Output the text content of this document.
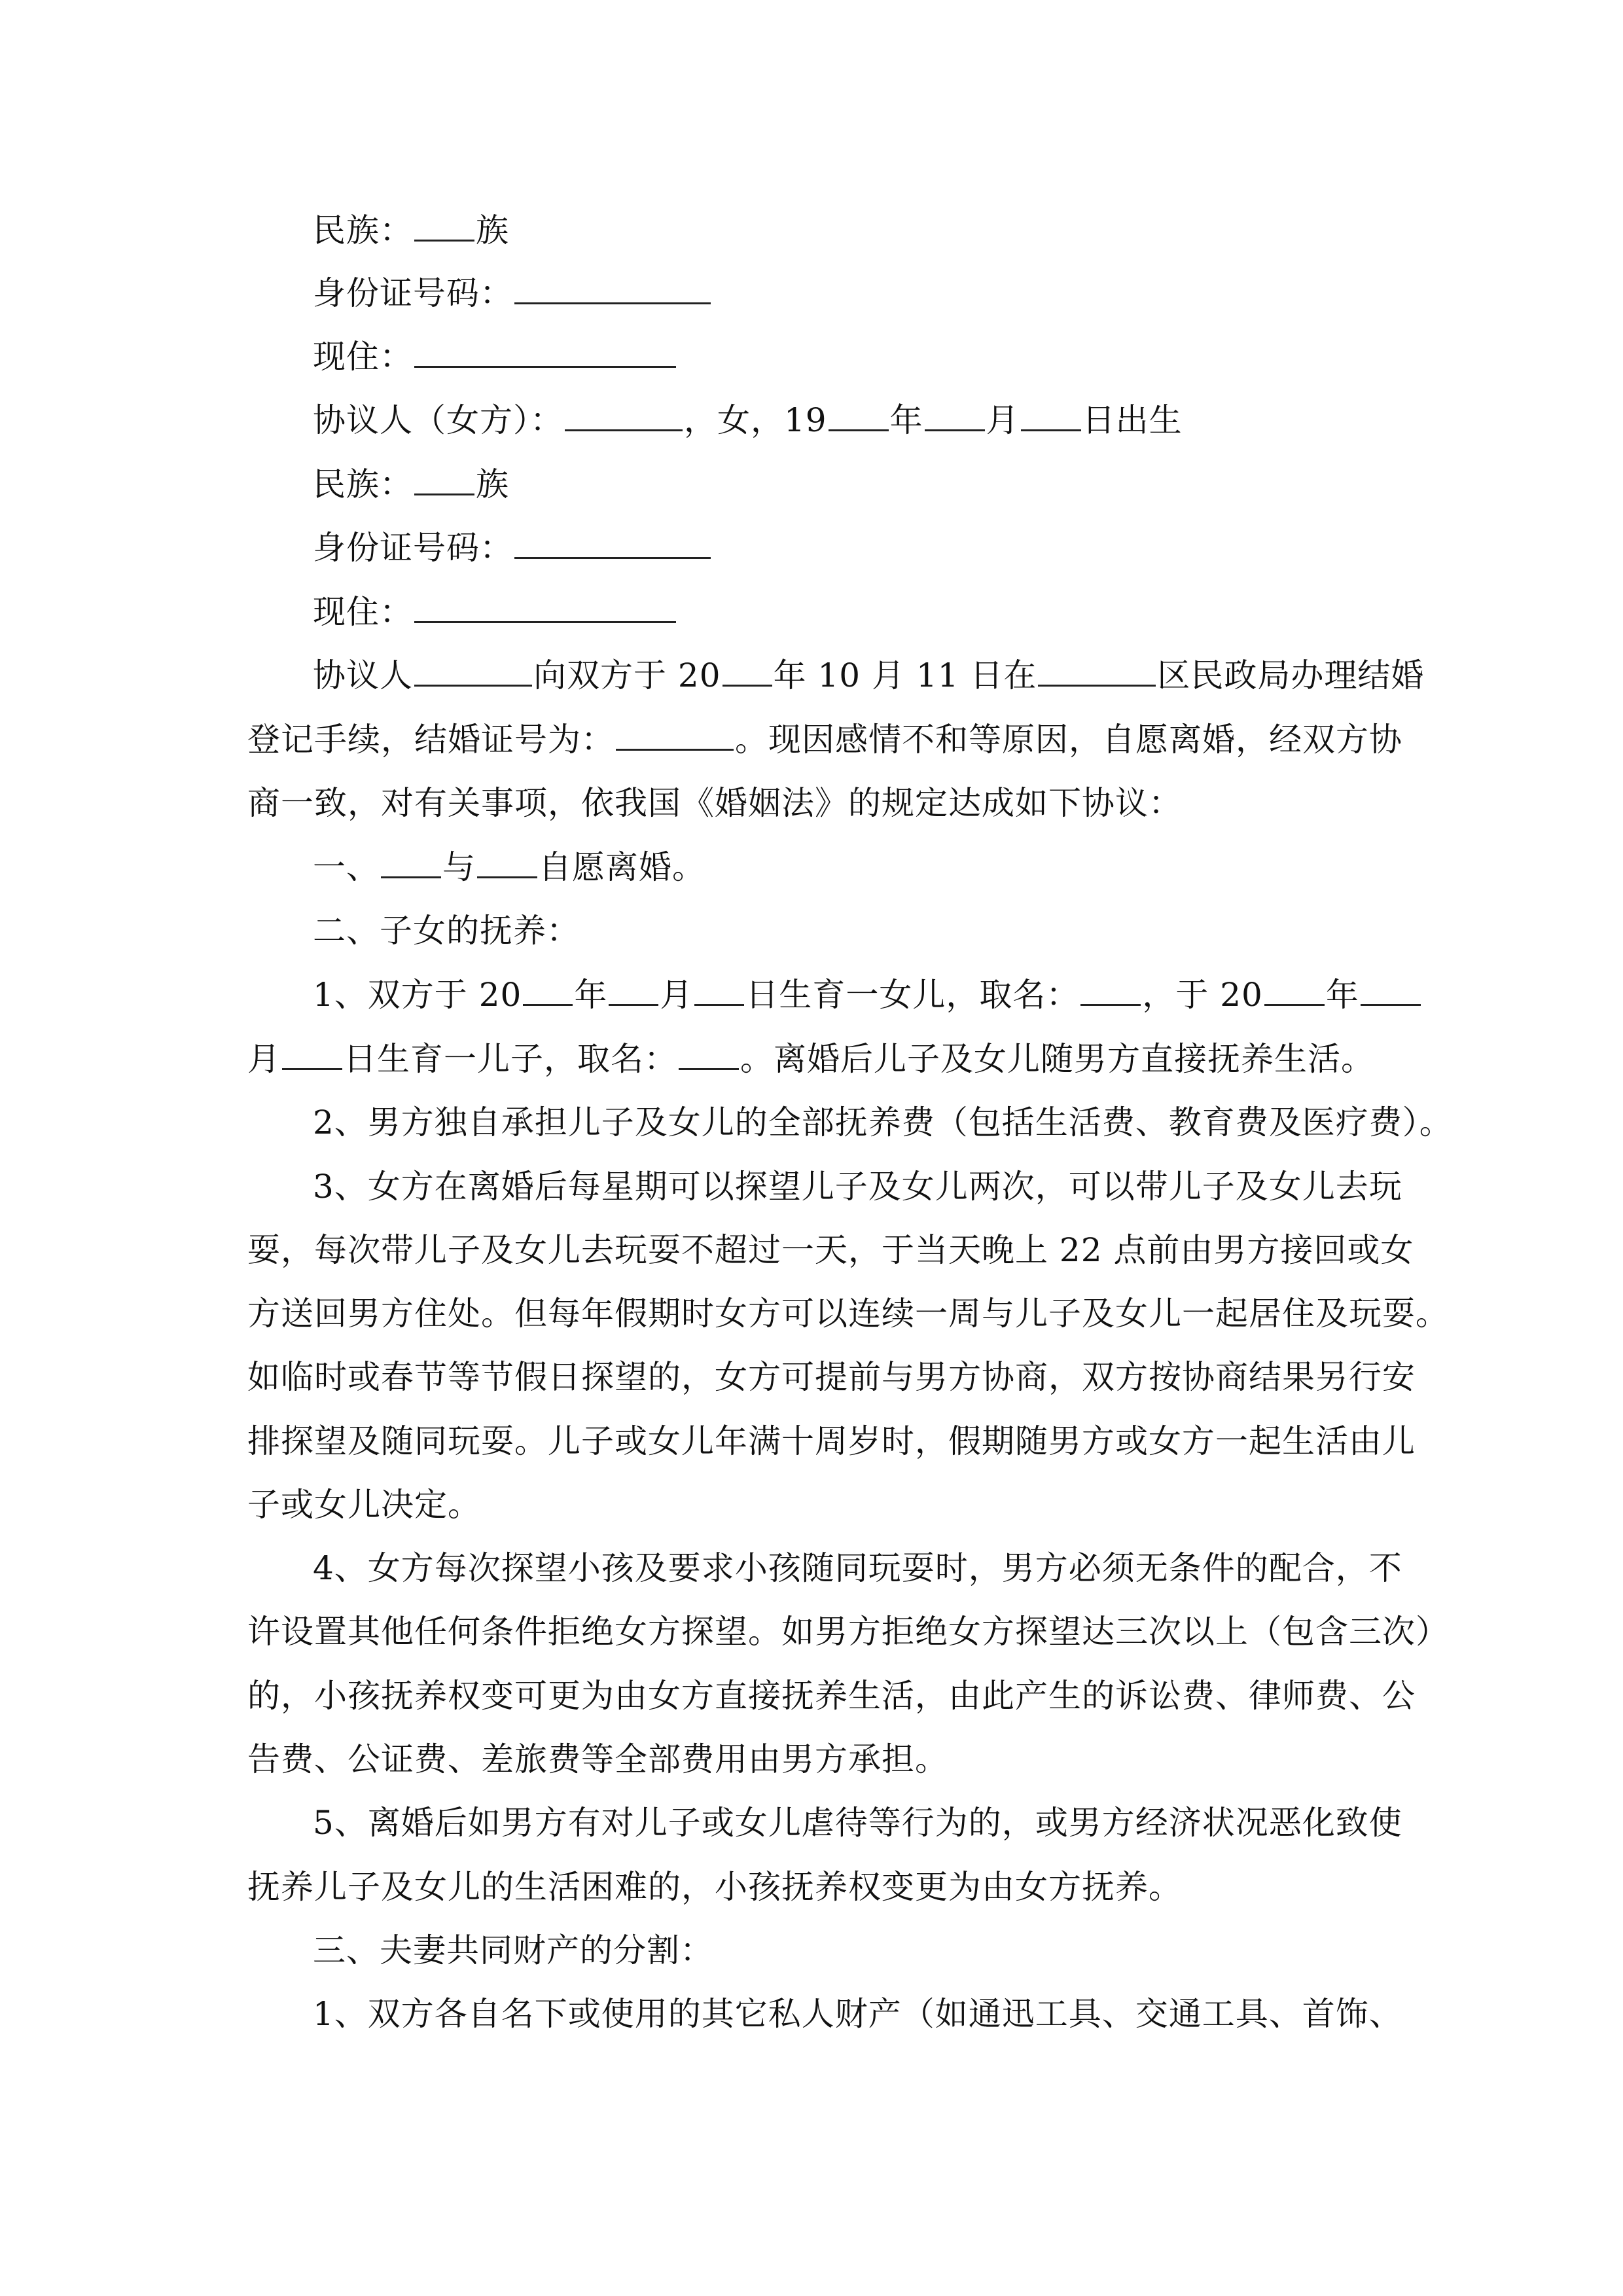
民族： 族
身份证号码：
现住：
协议人（女方）：	，女，19 年 月 日出生
民族： 族
身份证号码：
现住：
协议人	向双方于 20 年 10 月 11 日在	区民政局办理结婚
登记手续，结婚证号为：	。现因感情不和等原因，自愿离婚，经双方协
商一致，对有关事项，依我国《婚姻法》的规定达成如下协议：
一、 与 自愿离婚。
二、子女的抚养：
1、双方于 20 年 月 日生育一女儿，取名： ，于 20 年
月 日生育一儿子，取名： 。离婚后儿子及女儿随男方直接抚养生活。
2、男方独自承担儿子及女儿的全部抚养费（包括生活费、教育费及医疗费）。
3、女方在离婚后每星期可以探望儿子及女儿两次，可以带儿子及女儿去玩
耍，每次带儿子及女儿去玩耍不超过一天，于当天晚上 22 点前由男方接回或女
方送回男方住处。但每年假期时女方可以连续一周与儿子及女儿一起居住及玩耍。
如临时或春节等节假日探望的，女方可提前与男方协商，双方按协商结果另行安
排探望及随同玩耍。儿子或女儿年满十周岁时，假期随男方或女方一起生活由儿
子或女儿决定。
4、女方每次探望小孩及要求小孩随同玩耍时，男方必须无条件的配合，不
许设置其他任何条件拒绝女方探望。如男方拒绝女方探望达三次以上（包含三次）
的，小孩抚养权变可更为由女方直接抚养生活，由此产生的诉讼费、律师费、公
告费、公证费、差旅费等全部费用由男方承担。
5、离婚后如男方有对儿子或女儿虐待等行为的，或男方经济状况恶化致使
抚养儿子及女儿的生活困难的，小孩抚养权变更为由女方抚养。
三、夫妻共同财产的分割：
1、双方各自名下或使用的其它私人财产（如通迅工具、交通工具、首饰、
